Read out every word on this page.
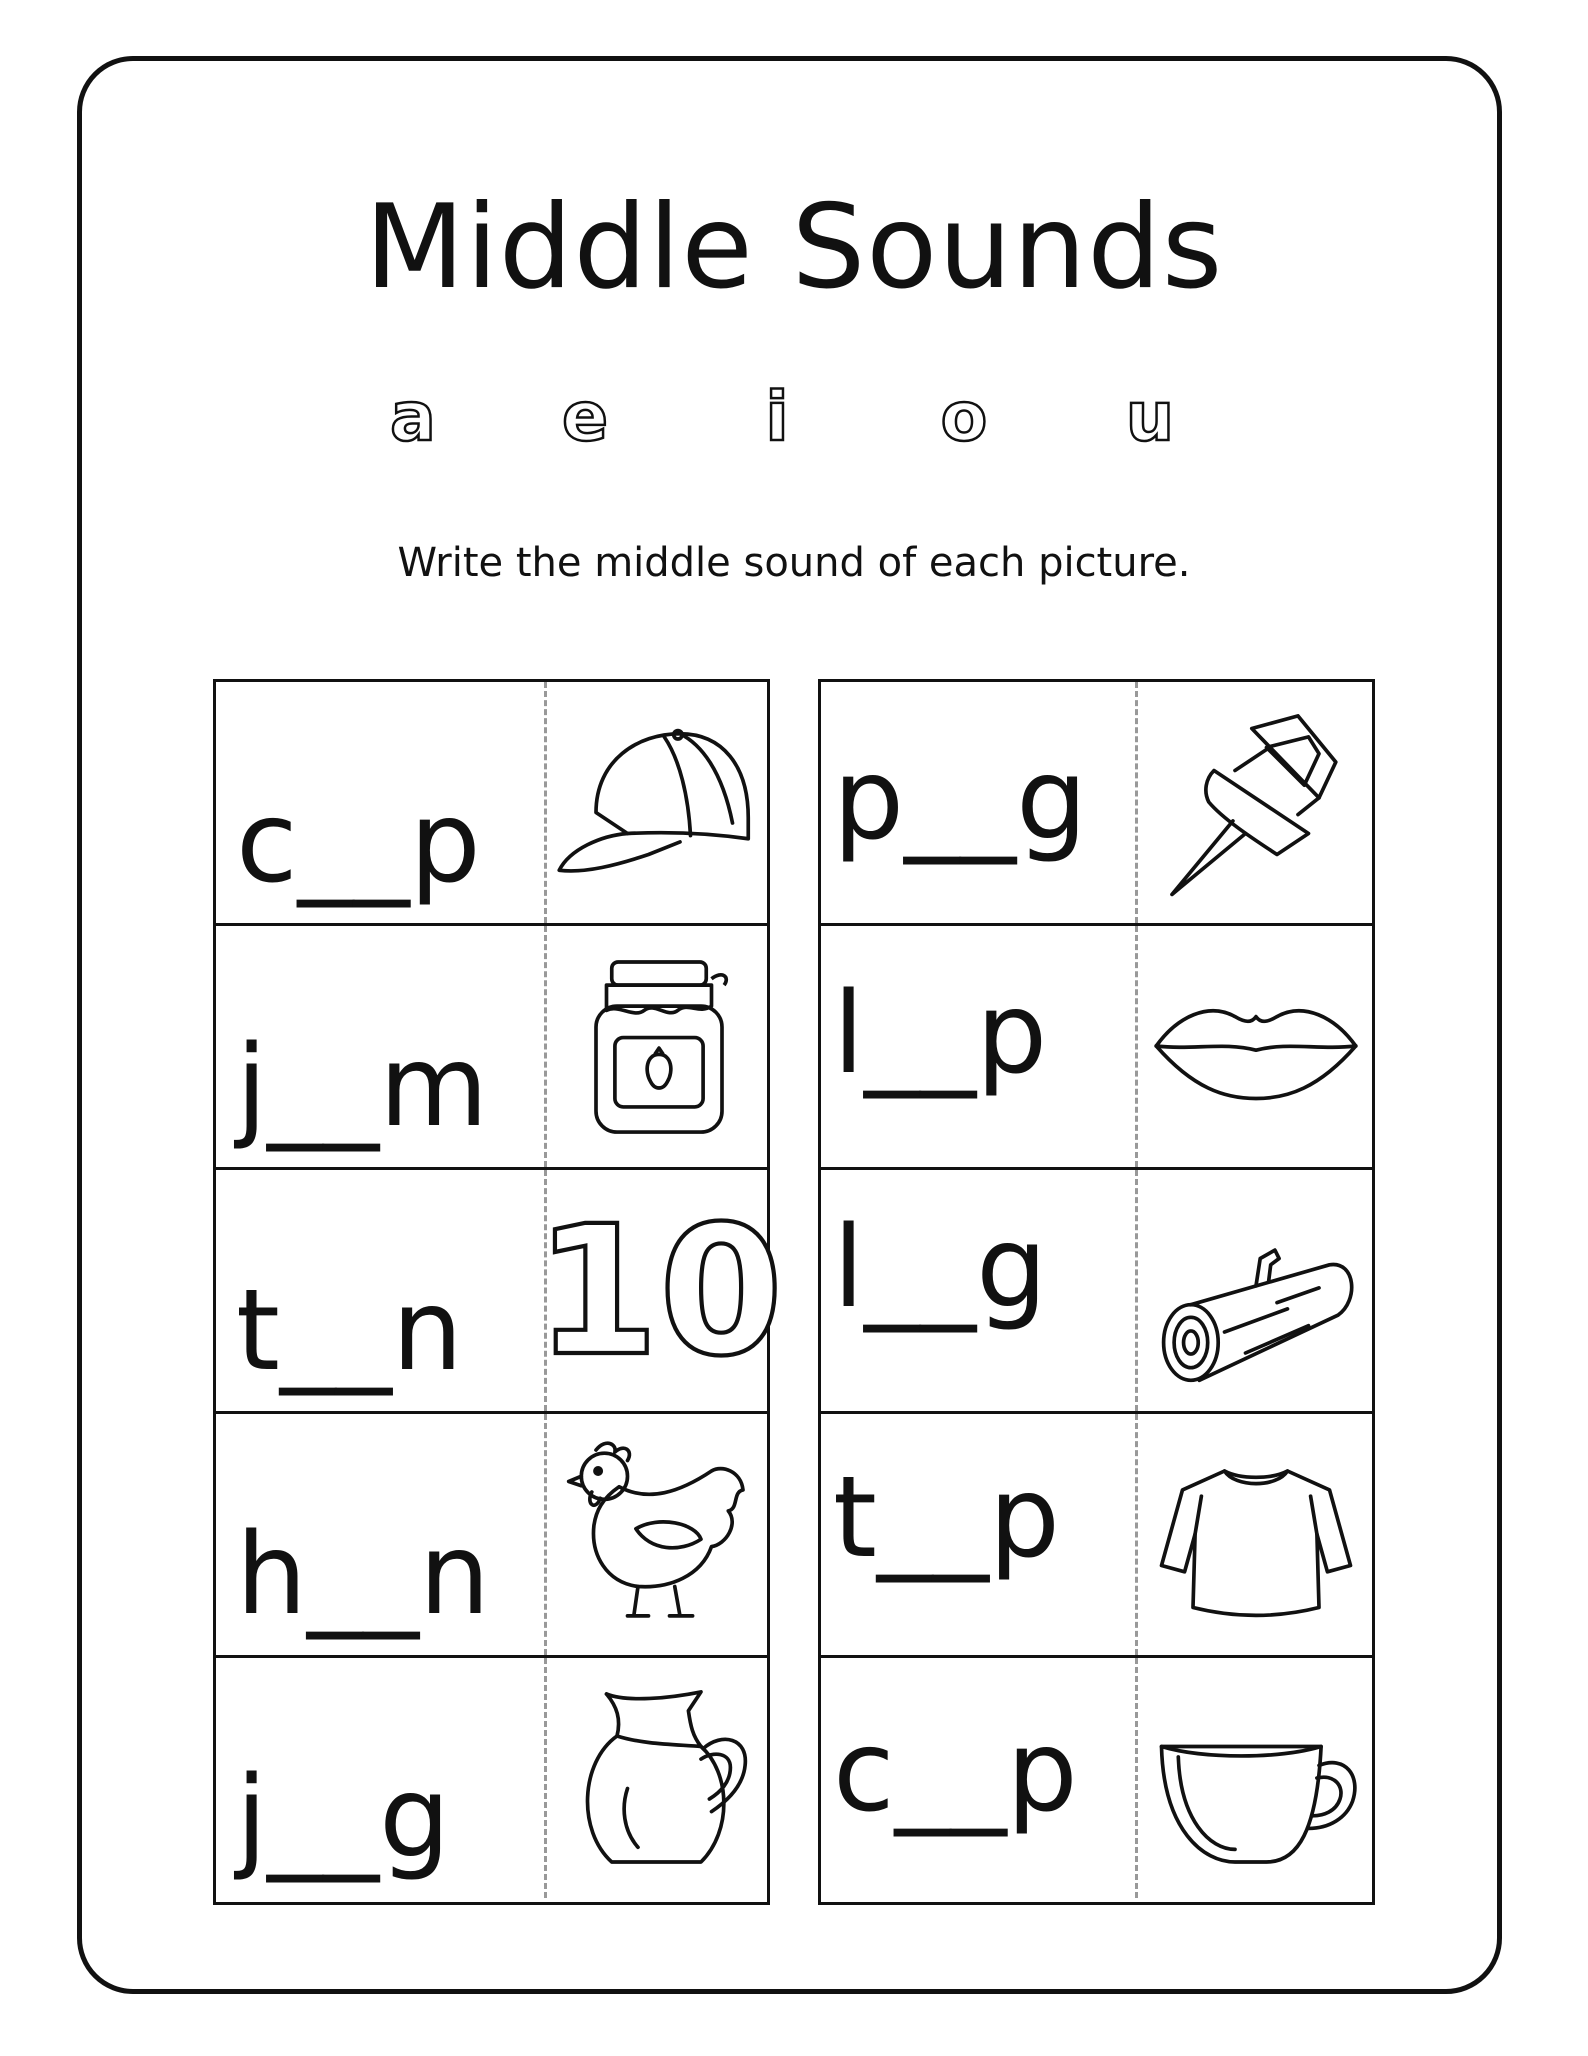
Middle Sounds
a	e	i	o	u
Write the middle sound of each picture.
c__p
j__m
t__n 10
h__n
j__g
p__g
l__p
l__g
t__p
c__p
